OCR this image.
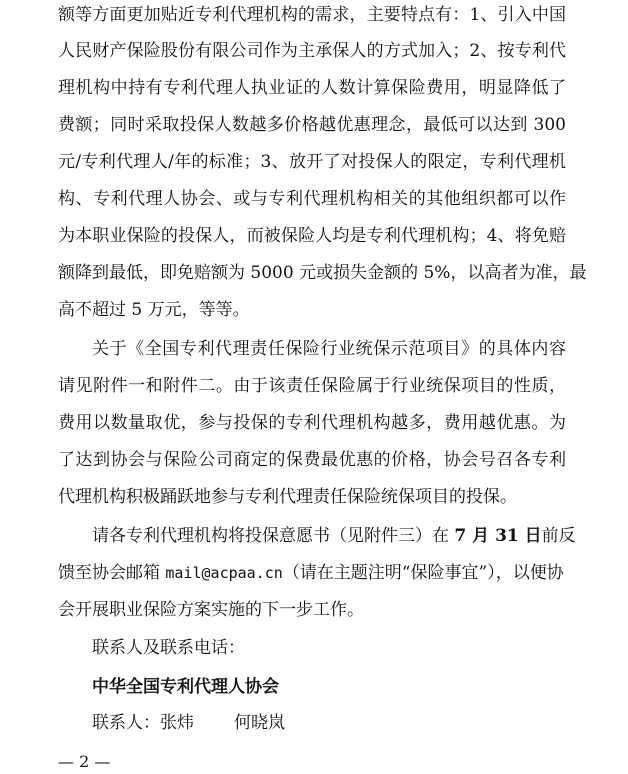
额等方面更加贴近专利代理机构的需求，主要特点有：1、引入中国
人民财产保险股份有限公司作为主承保人的方式加入；2、按专利代
理机构中持有专利代理人执业证的人数计算保险费用，明显降低了
费额；同时采取投保人数越多价格越优惠理念，最低可以达到 300
元/专利代理人/年的标准；3、放开了对投保人的限定，专利代理机
构、专利代理人协会、或与专利代理机构相关的其他组织都可以作
为本职业保险的投保人，而被保险人均是专利代理机构；4、将免赔
额降到最低，即免赔额为 5000 元或损失金额的 5%，以高者为准，最
高不超过 5 万元，等等。
关于《全国专利代理责任保险行业统保示范项目》的具体内容
请见附件一和附件二。由于该责任保险属于行业统保项目的性质，
费用以数量取优，参与投保的专利代理机构越多，费用越优惠。为
了达到协会与保险公司商定的保费最优惠的价格，协会号召各专利
代理机构积极踊跃地参与专利代理责任保险统保项目的投保。
请各专利代理机构将投保意愿书（见附件三）在 7 月 31 日前反
馈至协会邮箱 mail@acpaa.cn（请在主题注明“保险事宜”），以便协
会开展职业保险方案实施的下一步工作。
联系人及联系电话：
中华全国专利代理人协会
联系人：张炜 何晓岚
— 2 —
